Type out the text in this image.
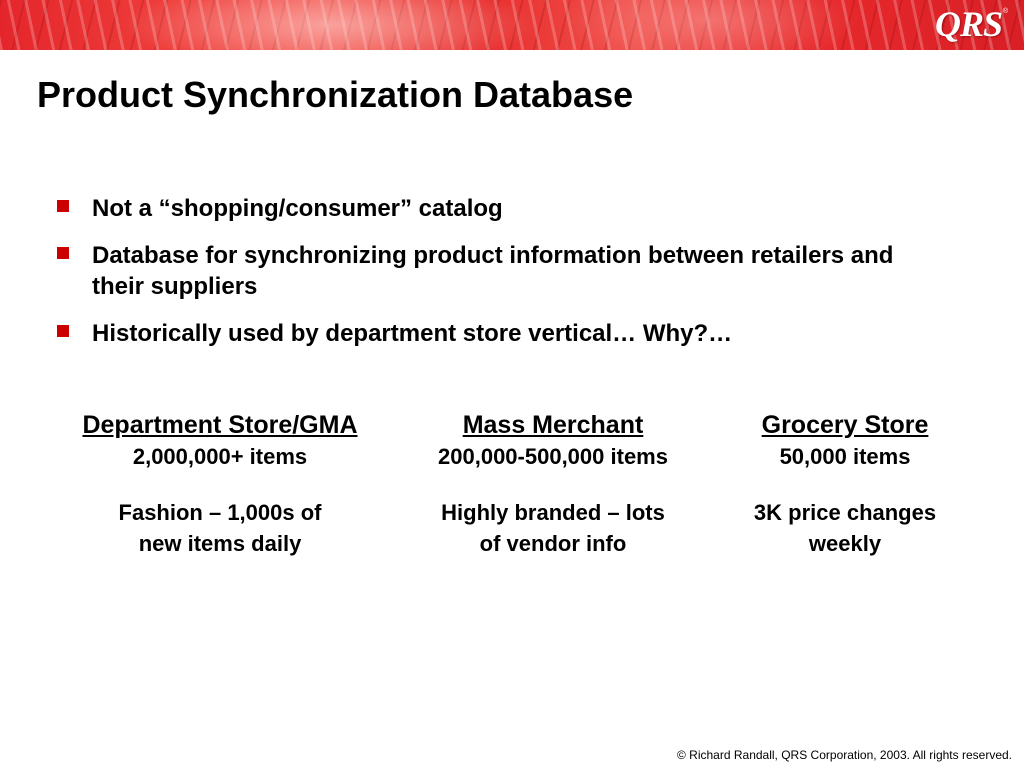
QRS ®
Product Synchronization Database
Not a “shopping/consumer” catalog
Database for synchronizing product information between retailers and their suppliers
Historically used by department store vertical… Why?…
Department Store/GMA
2,000,000+ items
Fashion – 1,000s of
new items daily
Mass Merchant
200,000-500,000 items
Highly branded – lots
of vendor info
Grocery Store
50,000 items
3K price changes
weekly
© Richard Randall, QRS Corporation, 2003. All rights reserved.
